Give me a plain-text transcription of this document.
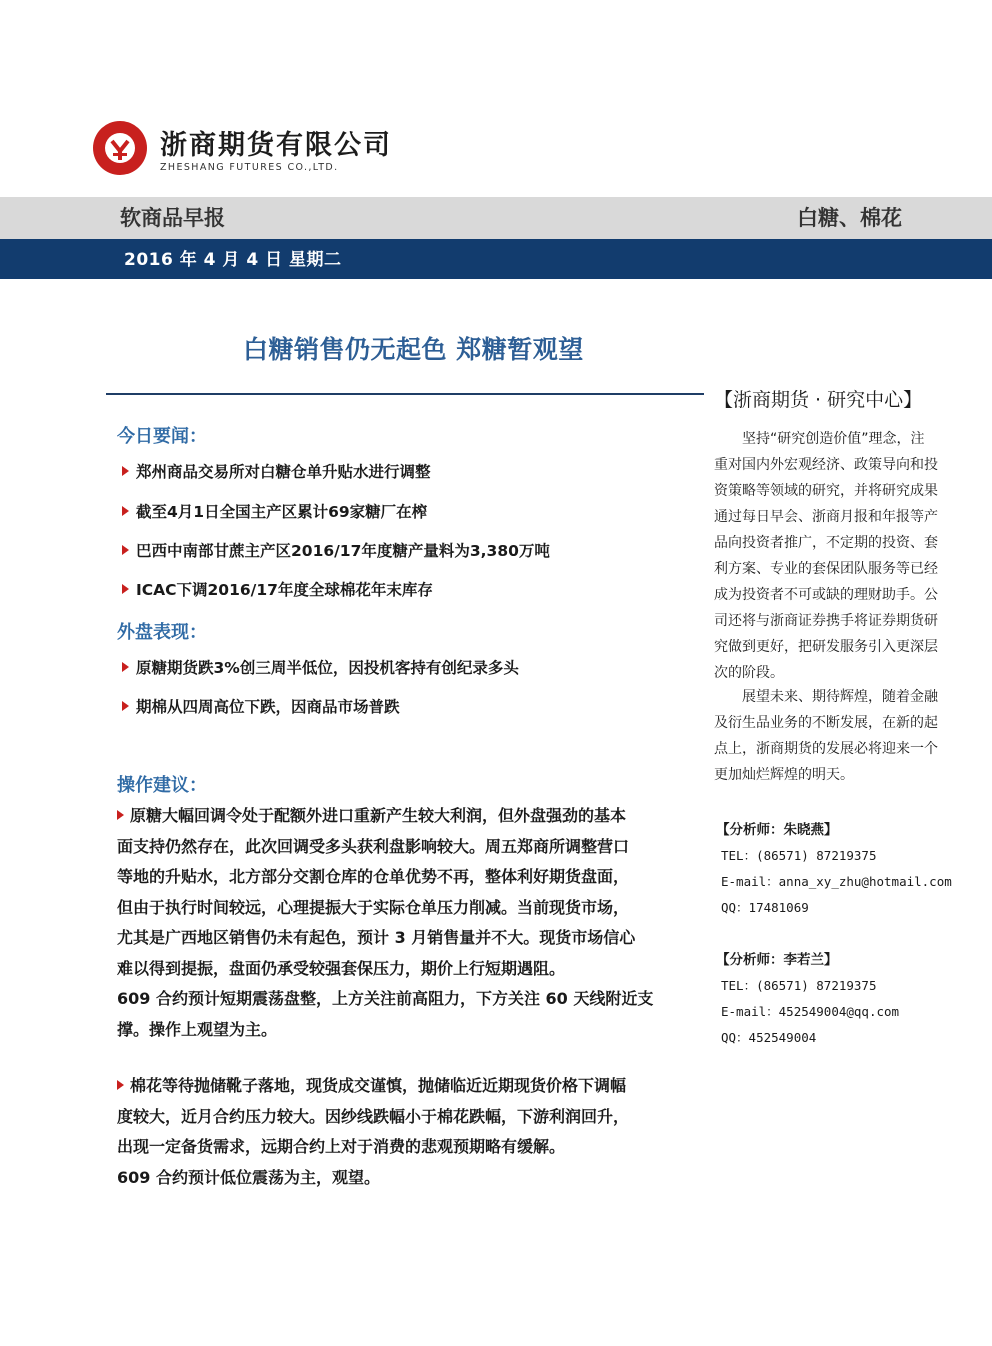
浙商期货有限公司
ZHESHANG FUTURES CO.,LTD.
软商品早报	白糖、棉花
2016 年 4 月 4 日 星期二
白糖销售仍无起色 郑糖暂观望
今日要闻：
郑州商品交易所对白糖仓单升贴水进行调整
截至4月1日全国主产区累计69家糖厂在榨
巴西中南部甘蔗主产区2016/17年度糖产量料为3,380万吨
ICAC下调2016/17年度全球棉花年末库存
外盘表现：
原糖期货跌3%创三周半低位，因投机客持有创纪录多头
期棉从四周高位下跌，因商品市场普跌
操作建议：
原糖大幅回调令处于配额外进口重新产生较大利润，但外盘强劲的基本
面支持仍然存在，此次回调受多头获利盘影响较大。周五郑商所调整营口
等地的升贴水，北方部分交割仓库的仓单优势不再，整体利好期货盘面，
但由于执行时间较远，心理提振大于实际仓单压力削减。当前现货市场，
尤其是广西地区销售仍未有起色，预计 3 月销售量并不大。现货市场信心
难以得到提振，盘面仍承受较强套保压力，期价上行短期遇阻。
609 合约预计短期震荡盘整，上方关注前高阻力，下方关注 60 天线附近支
撑。操作上观望为主。
棉花等待抛储靴子落地，现货成交谨慎，抛储临近近期现货价格下调幅
度较大，近月合约压力较大。因纱线跌幅小于棉花跌幅，下游利润回升，
出现一定备货需求，远期合约上对于消费的悲观预期略有缓解。
609 合约预计低位震荡为主，观望。
【浙商期货 · 研究中心】
坚持“研究创造价值”理念，注
重对国内外宏观经济、政策导向和投
资策略等领域的研究，并将研究成果
通过每日早会、浙商月报和年报等产
品向投资者推广，不定期的投资、套
利方案、专业的套保团队服务等已经
成为投资者不可或缺的理财助手。公
司还将与浙商证券携手将证券期货研
究做到更好，把研发服务引入更深层
次的阶段。
展望未来、期待辉煌，随着金融
及衍生品业务的不断发展，在新的起
点上，浙商期货的发展必将迎来一个
更加灿烂辉煌的明天。
【分析师：朱晓燕】
TEL：(86571) 87219375
E-mail：anna_xy_zhu@hotmail.com
QQ：17481069
【分析师：李若兰】
TEL：(86571) 87219375
E-mail：452549004@qq.com
QQ：452549004
